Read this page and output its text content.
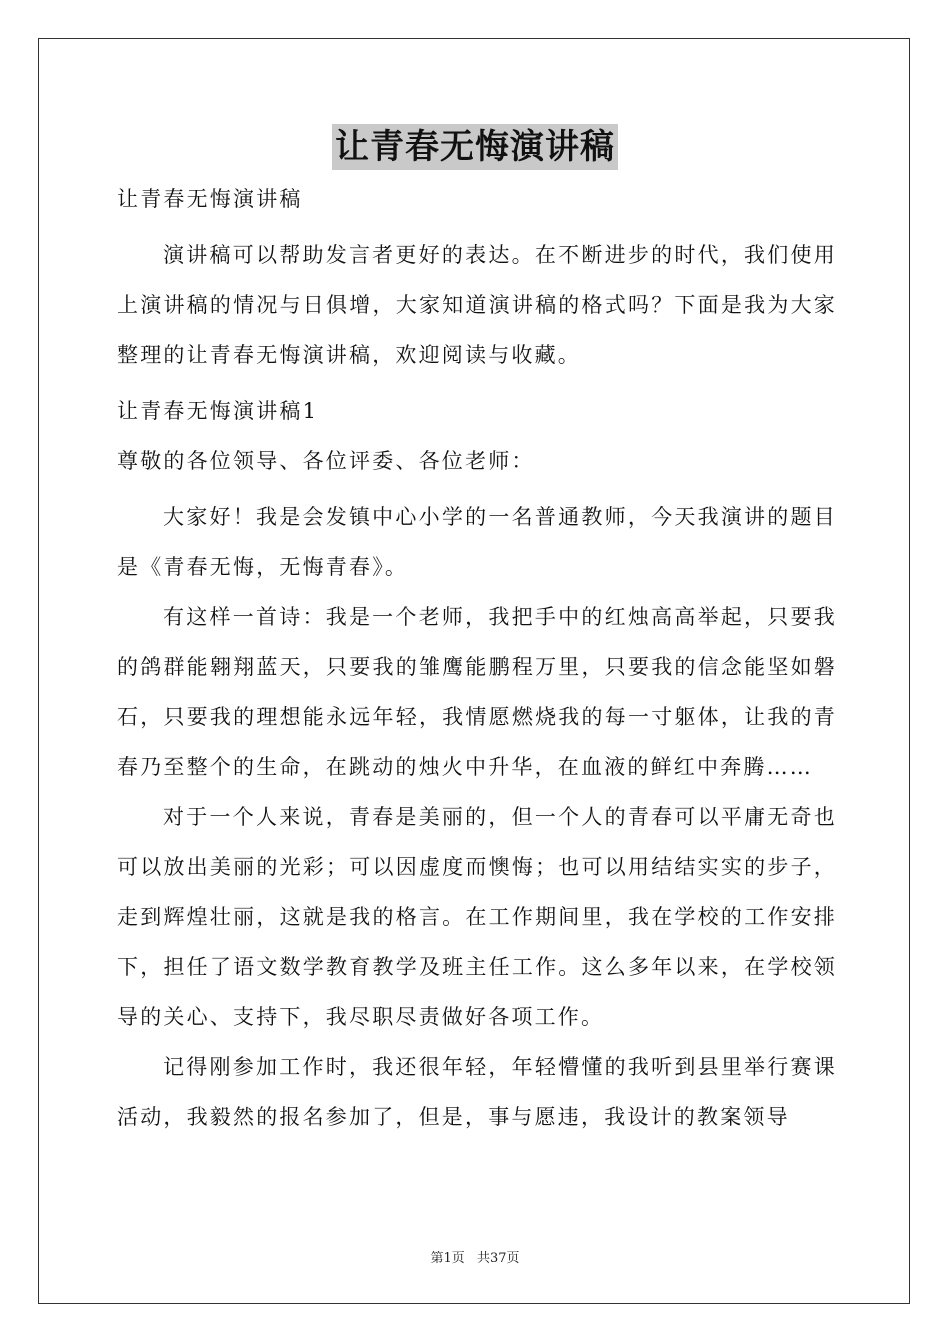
让青春无悔演讲稿
让青春无悔演讲稿
演讲稿可以帮助发言者更好的表达。在不断进步的时代，我们使用上演讲稿的情况与日俱增，大家知道演讲稿的格式吗？下面是我为大家整理的让青春无悔演讲稿，欢迎阅读与收藏。
让青春无悔演讲稿1
尊敬的各位领导、各位评委、各位老师：
大家好！我是会发镇中心小学的一名普通教师，今天我演讲的题目是《青春无悔，无悔青春》。
有这样一首诗：我是一个老师，我把手中的红烛高高举起，只要我的鸽群能翱翔蓝天，只要我的雏鹰能鹏程万里，只要我的信念能坚如磐石，只要我的理想能永远年轻，我情愿燃烧我的每一寸躯体，让我的青春乃至整个的生命，在跳动的烛火中升华，在血液的鲜红中奔腾……
对于一个人来说，青春是美丽的，但一个人的青春可以平庸无奇也可以放出美丽的光彩；可以因虚度而懊悔；也可以用结结实实的步子，走到辉煌壮丽，这就是我的格言。在工作期间里，我在学校的工作安排下，担任了语文数学教育教学及班主任工作。这么多年以来，在学校领导的关心、支持下，我尽职尽责做好各项工作。
记得刚参加工作时，我还很年轻，年轻懵懂的我听到县里举行赛课活动，我毅然的报名参加了，但是，事与愿违，我设计的教案领导
第1页 共37页
